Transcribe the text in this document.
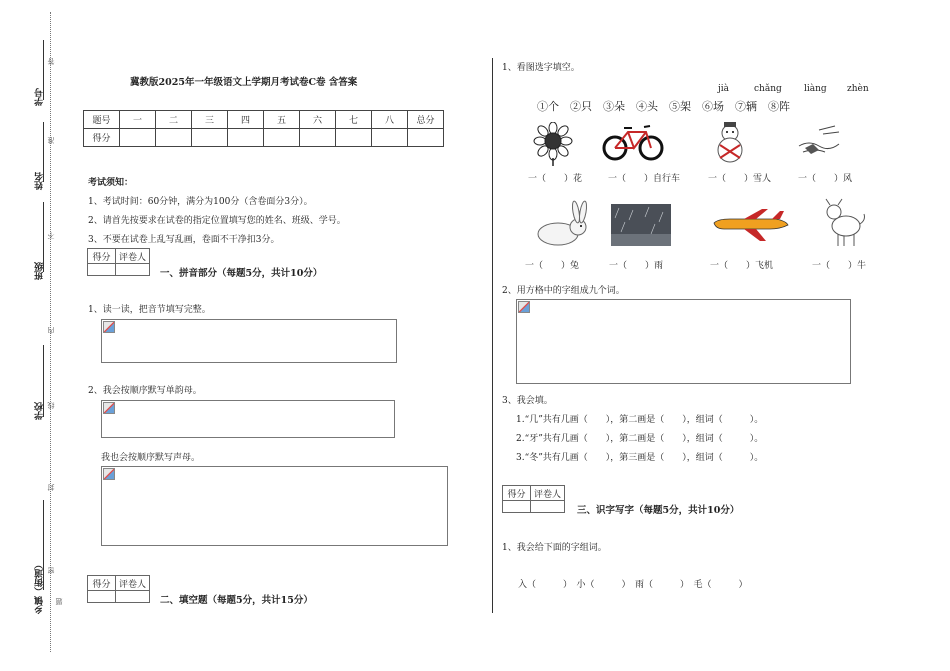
学号
姓名
班级
学校
乡镇（街道）
答
准
不
内
线
封
密
题
冀教版2025年一年级语文上学期月考试卷C卷 含答案
题号	一	二	三	四	五	六	七	八	总分
得分									
考试须知：
1、考试时间：60分钟，满分为100分（含卷面分3分）。
2、请首先按要求在试卷的指定位置填写您的姓名、班级、学号。
3、不要在试卷上乱写乱画，卷面不干净扣3分。
得分	评卷人

一、拼音部分（每题5分，共计10分）
1、读一读，把音节填写完整。
2、我会按顺序默写单韵母。
我也会按顺序默写声母。
得分	评卷人

二、填空题（每题5分，共计15分）
1、看图选字填空。
jià	chǎng liàng zhèn
①个　②只　③朵　④头　⑤架　⑥场　⑦辆　⑧阵
一（　　）花	一（　　）自行车	一（　　）雪人	一（　　）风
一（　　）兔	一（　　）雨	一（　　）飞机	一（　　）牛
2、用方格中的字组成九个词。
3、我会填。
1.“几”共有几画（　　），第二画是（　　），组词（　　　）。
2.“牙”共有几画（　　），第二画是（　　），组词（　　　）。
3.“冬”共有几画（　　），第三画是（　　），组词（　　　）。
得分	评卷人

三、识字写字（每题5分，共计10分）
1、我会给下面的字组词。
入（　　　）　小（　　　）　雨（　　　）　毛（　　　）
